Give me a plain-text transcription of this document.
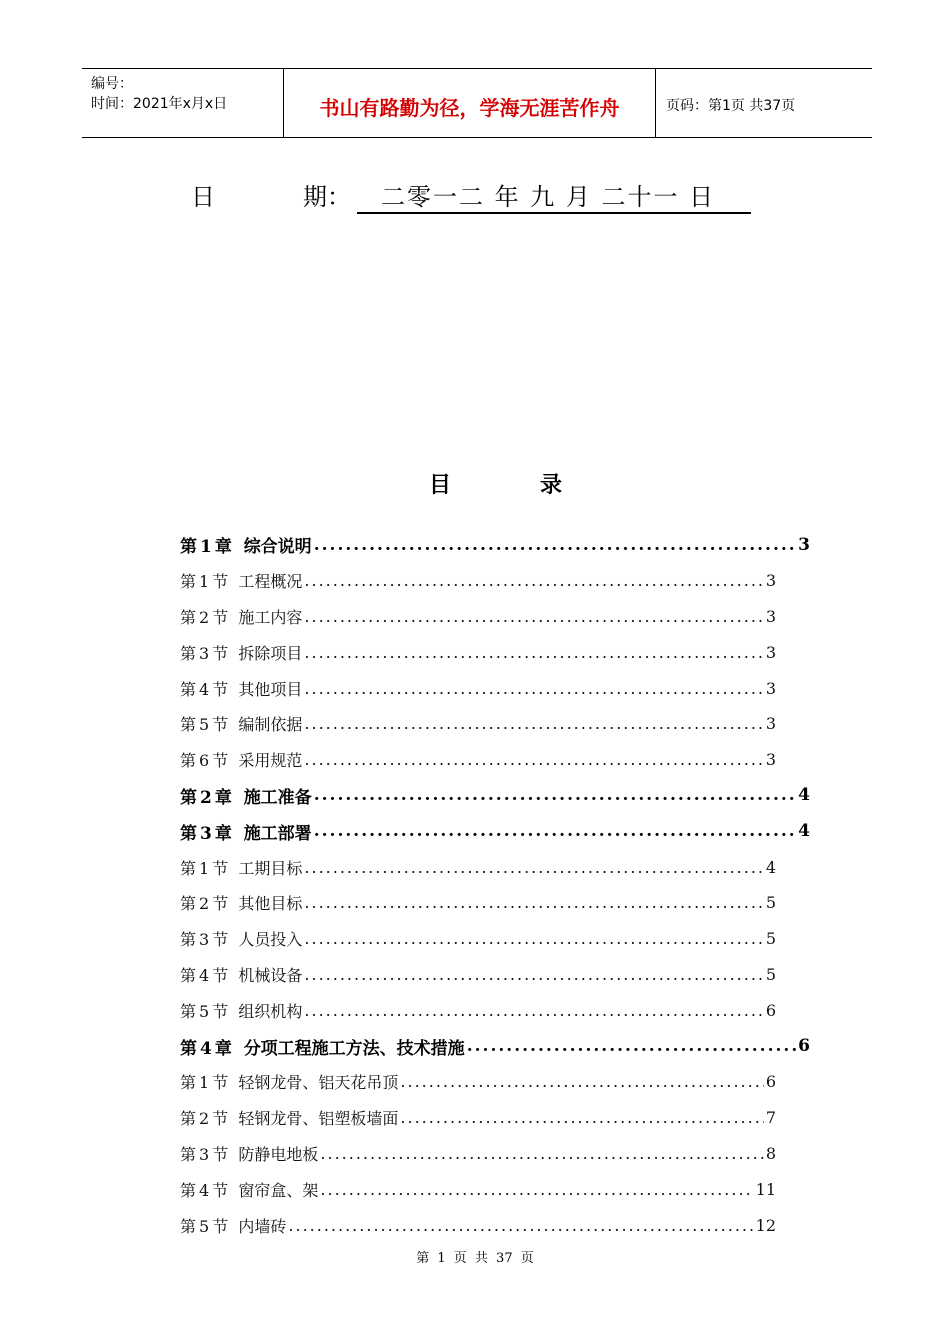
编号：
时间：2021年x月x日	书山有路勤为径，学海无涯苦作舟	页码：第1页 共37页
日	期：	二零一二 年 九 月 二十一 日
目	录
第 1 章 综合说明 .....	3
第 1 节 工程概况 .....	3
第 2 节 施工内容 .....	3
第 3 节 拆除项目 .....	3
第 4 节 其他项目 .....	3
第 5 节 编制依据 .....	3
第 6 节 采用规范 .....	3
第 2 章 施工准备 .....	4
第 3 章 施工部署 .....	4
第 1 节 工期目标 .....	4
第 2 节 其他目标 .....	5
第 3 节 人员投入 .....	5
第 4 节 机械设备 .....	5
第 5 节 组织机构 .....	6
第 4 章 分项工程施工方法、技术措施 .....	6
第 1 节 轻钢龙骨、铝天花吊顶 .....	6
第 2 节 轻钢龙骨、铝塑板墙面 .....	7
第 3 节 防静电地板 .....	8
第 4 节 窗帘盒、架 .....	11
第 5 节 内墙砖 .....	12
第 1 页 共 37 页
